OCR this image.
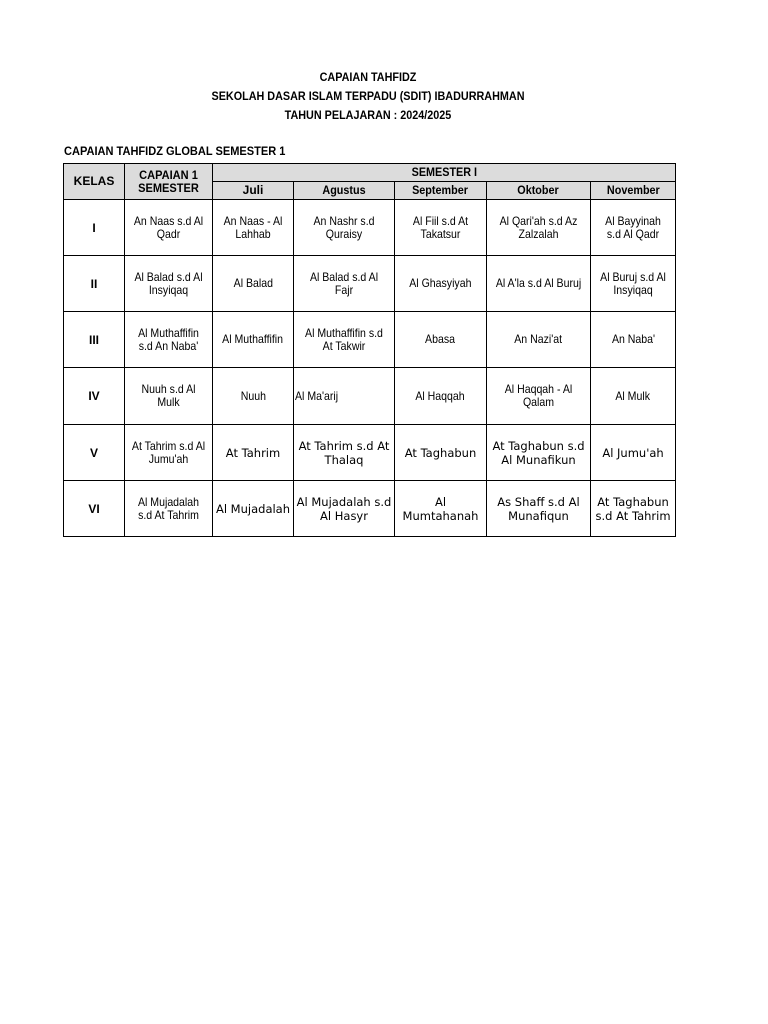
CAPAIAN TAHFIDZ
SEKOLAH DASAR ISLAM TERPADU (SDIT) IBADURRAHMAN
TAHUN PELAJARAN : 2024/2025
CAPAIAN TAHFIDZ GLOBAL SEMESTER 1
KELAS	CAPAIAN 1 SEMESTER	SEMESTER I				
		Juli	Agustus	September	Oktober	November
I	An Naas s.d Al Qadr	An Naas - Al Lahhab	An Nashr s.d Quraisy	Al Fiil s.d At Takatsur	Al Qari'ah s.d Az Zalzalah	Al Bayyinah s.d Al Qadr
II	Al Balad s.d Al Insyiqaq	Al Balad	Al Balad s.d Al Fajr	Al Ghasyiyah	Al A'la s.d Al Buruj	Al Buruj s.d Al Insyiqaq
III	Al Muthaffifin s.d An Naba'	Al Muthaffifin	Al Muthaffifin s.d At Takwir	Abasa	An Nazi'at	An Naba'
IV	Nuuh s.d Al Mulk	Nuuh	Al Ma'arij	Al Haqqah	Al Haqqah - Al Qalam	Al Mulk
V	At Tahrim s.d Al Jumu'ah	At Tahrim	At Tahrim s.d At Thalaq	At Taghabun	At Taghabun s.d Al Munafikun	Al Jumu'ah
VI	Al Mujadalah s.d At Tahrim	Al Mujadalah	Al Mujadalah s.d Al Hasyr	Al Mumtahanah	As Shaff s.d Al Munafiqun	At Taghabun s.d At Tahrim
